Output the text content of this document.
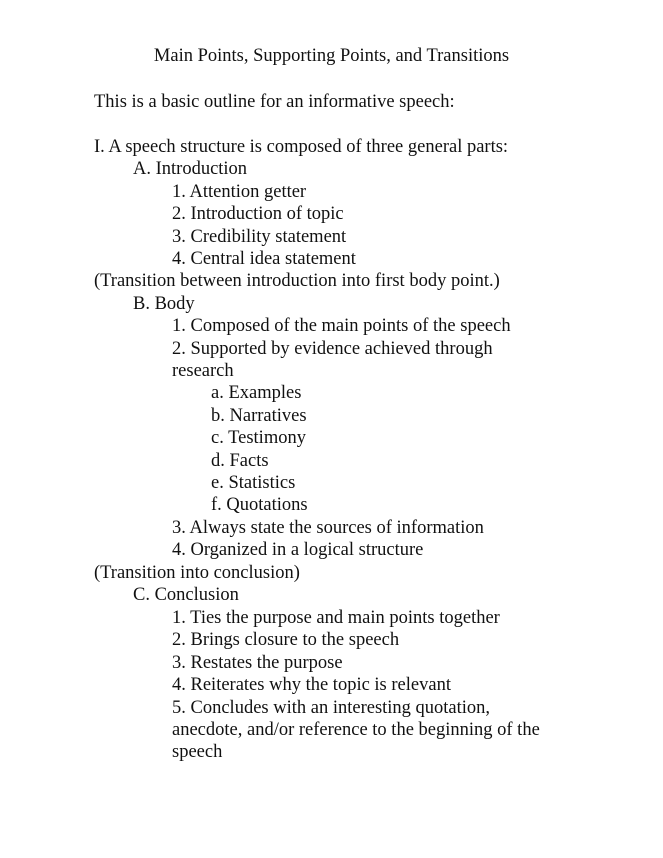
Main Points, Supporting Points, and Transitions

This is a basic outline for an informative speech:

I. A speech structure is composed of three general parts:

A. Introduction

1. Attention getter

2. Introduction of topic

3. Credibility statement

4. Central idea statement

(Transition between introduction into first body point.)

B. Body

1. Composed of the main points of the speech

2. Supported by evidence achieved through

research

a. Examples

b. Narratives

c. Testimony

d. Facts

e. Statistics

f. Quotations

3. Always state the sources of information

4. Organized in a logical structure

(Transition into conclusion)

C. Conclusion

1. Ties the purpose and main points together

2. Brings closure to the speech

3. Restates the purpose

4. Reiterates why the topic is relevant

5. Concludes with an interesting quotation,

anecdote, and/or reference to the beginning of the

speech
